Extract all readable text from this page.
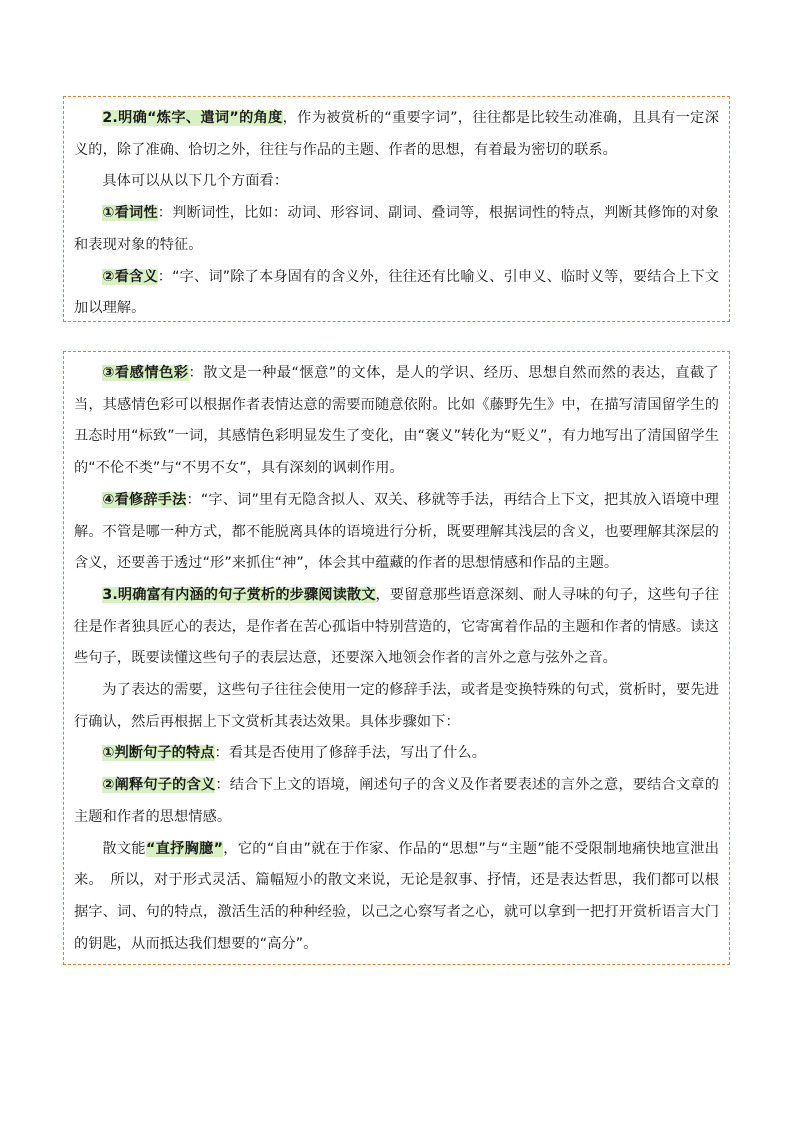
2.明确“炼字、遣词”的角度，作为被赏析的“重要字词”，往往都是比较生动准确，且具有一定深义的，除了准确、恰切之外，往往与作品的主题、作者的思想，有着最为密切的联系。

具体可以从以下几个方面看：

①看词性：判断词性，比如：动词、形容词、副词、叠词等，根据词性的特点，判断其修饰的对象和表现对象的特征。

②看含义：“字、词”除了本身固有的含义外，往往还有比喻义、引申义、临时义等，要结合上下文加以理解。

③看感情色彩：散文是一种最“惬意”的文体，是人的学识、经历、思想自然而然的表达，直截了当，其感情色彩可以根据作者表情达意的需要而随意依附。比如《藤野先生》中，在描写清国留学生的丑态时用“标致”一词，其感情色彩明显发生了变化，由“褒义”转化为“贬义”，有力地写出了清国留学生的“不伦不类”与“不男不女”，具有深刻的讽刺作用。

④看修辞手法：“字、词”里有无隐含拟人、双关、移就等手法，再结合上下文，把其放入语境中理解。不管是哪一种方式，都不能脱离具体的语境进行分析，既要理解其浅层的含义，也要理解其深层的含义，还要善于透过“形”来抓住“神”，体会其中蕴藏的作者的思想情感和作品的主题。

3.明确富有内涵的句子赏析的步骤阅读散文，要留意那些语意深刻、耐人寻味的句子，这些句子往往是作者独具匠心的表达，是作者在苦心孤诣中特别营造的，它寄寓着作品的主题和作者的情感。读这些句子，既要读懂这些句子的表层达意，还要深入地领会作者的言外之意与弦外之音。

为了表达的需要，这些句子往往会使用一定的修辞手法，或者是变换特殊的句式，赏析时，要先进行确认，然后再根据上下文赏析其表达效果。具体步骤如下：

①判断句子的特点：看其是否使用了修辞手法，写出了什么。

②阐释句子的含义：结合下上文的语境，阐述句子的含义及作者要表述的言外之意，要结合文章的主题和作者的思想情感。

散文能“直抒胸臆”，它的“自由”就在于作家、作品的“思想”与“主题”能不受限制地痛快地宣泄出来。　所以，对于形式灵活、篇幅短小的散文来说，无论是叙事、抒情，还是表达哲思，我们都可以根据字、词、句的特点，激活生活的种种经验，以己之心察写者之心，就可以拿到一把打开赏析语言大门的钥匙，从而抵达我们想要的“高分”。
